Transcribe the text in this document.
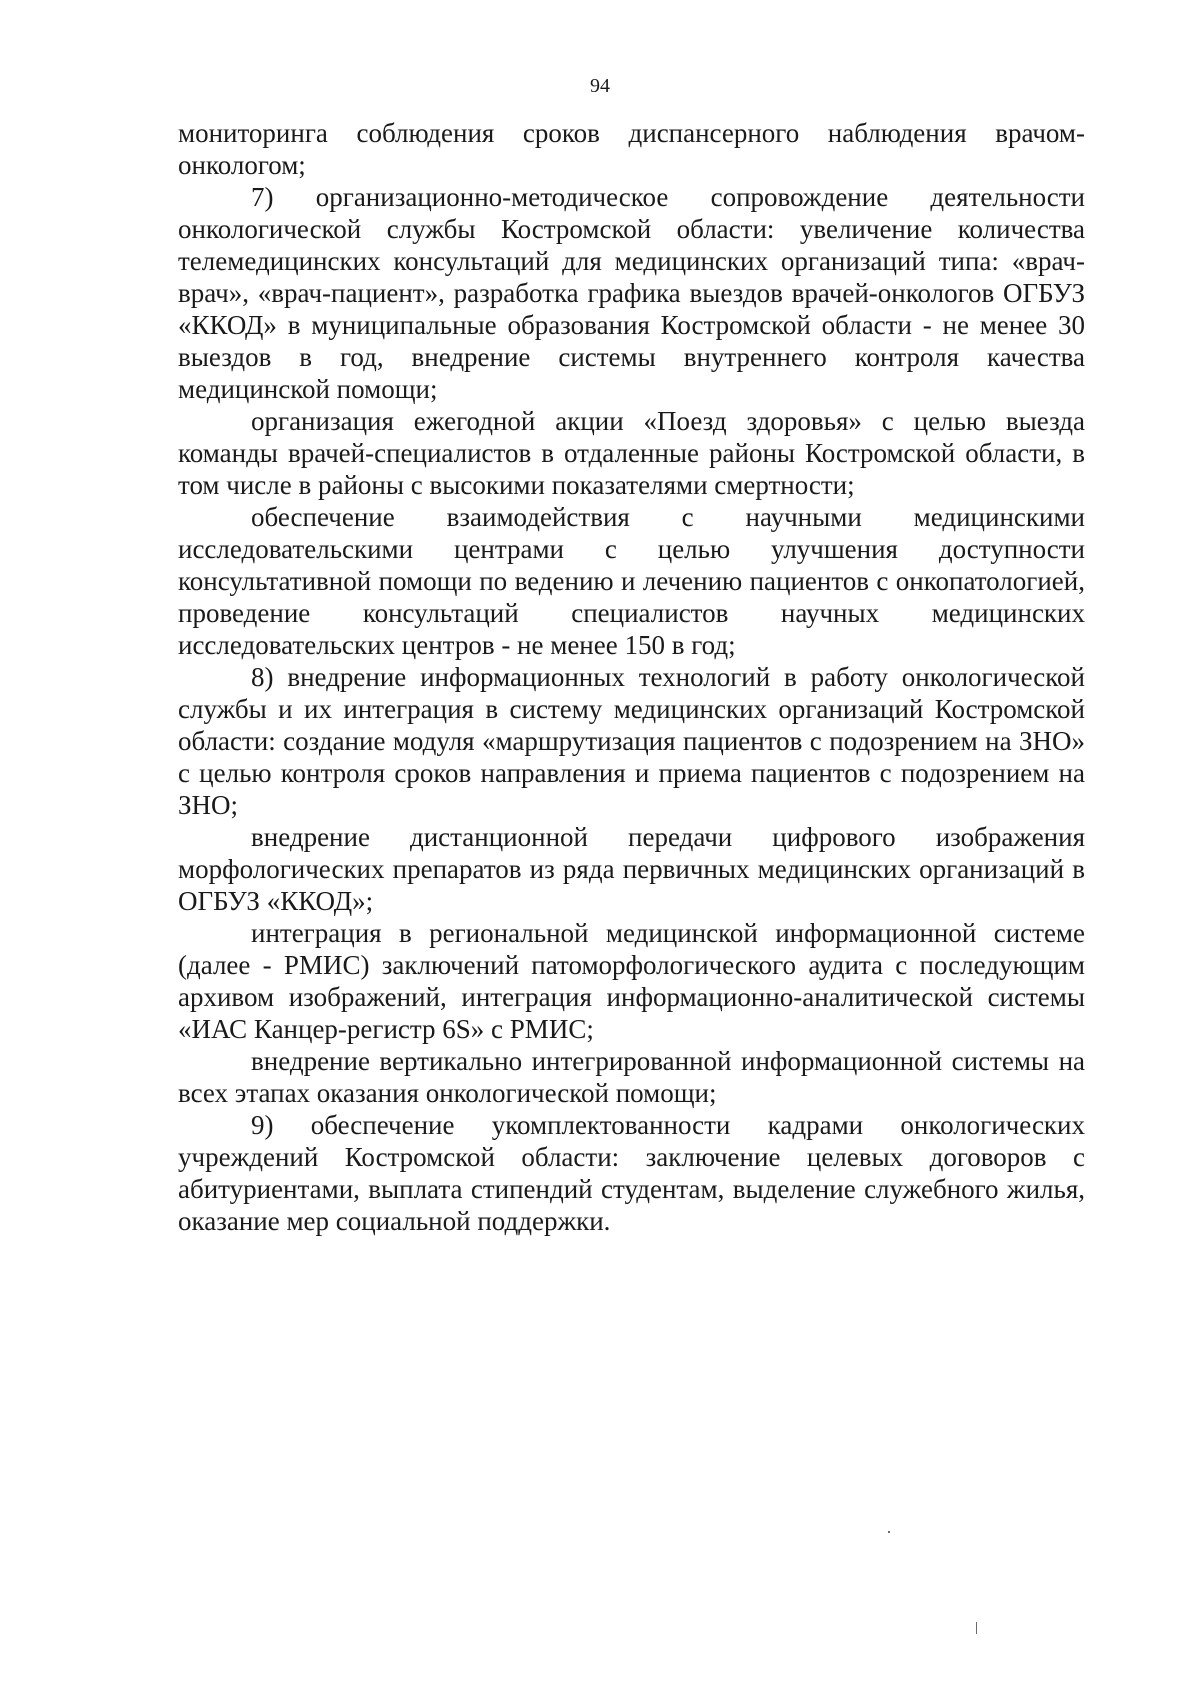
94

мониторинга соблюдения сроков диспансерного наблюдения врачом-онкологом;

7) организационно-методическое сопровождение деятельности онкологической службы Костромской области: увеличение количества телемедицинских консультаций для медицинских организаций типа: «врач-врач», «врач-пациент», разработка графика выездов врачей-онкологов ОГБУЗ «ККОД» в муниципальные образования Костромской области - не менее 30 выездов в год, внедрение системы внутреннего контроля качества медицинской помощи;

организация ежегодной акции «Поезд здоровья» с целью выезда команды врачей-специалистов в отдаленные районы Костромской области, в том числе в районы с высокими показателями смертности;

обеспечение взаимодействия с научными медицинскими исследовательскими центрами с целью улучшения доступности консультативной помощи по ведению и лечению пациентов с онкопатологией, проведение консультаций специалистов научных медицинских исследовательских центров - не менее 150 в год;

8) внедрение информационных технологий в работу онкологической службы и их интеграция в систему медицинских организаций Костромской области: создание модуля «маршрутизация пациентов с подозрением на ЗНО» с целью контроля сроков направления и приема пациентов с подозрением на ЗНО;

внедрение дистанционной передачи цифрового изображения морфологических препаратов из ряда первичных медицинских организаций в ОГБУЗ «ККОД»;

интеграция в региональной медицинской информационной системе (далее - РМИС) заключений патоморфологического аудита с последующим архивом изображений, интеграция информационно-аналитической системы «ИАС Канцер-регистр 6S» с РМИС;

внедрение вертикально интегрированной информационной системы на всех этапах оказания онкологической помощи;

9) обеспечение укомплектованности кадрами онкологических учреждений Костромской области: заключение целевых договоров с абитуриентами, выплата стипендий студентам, выделение служебного жилья, оказание мер социальной поддержки.
